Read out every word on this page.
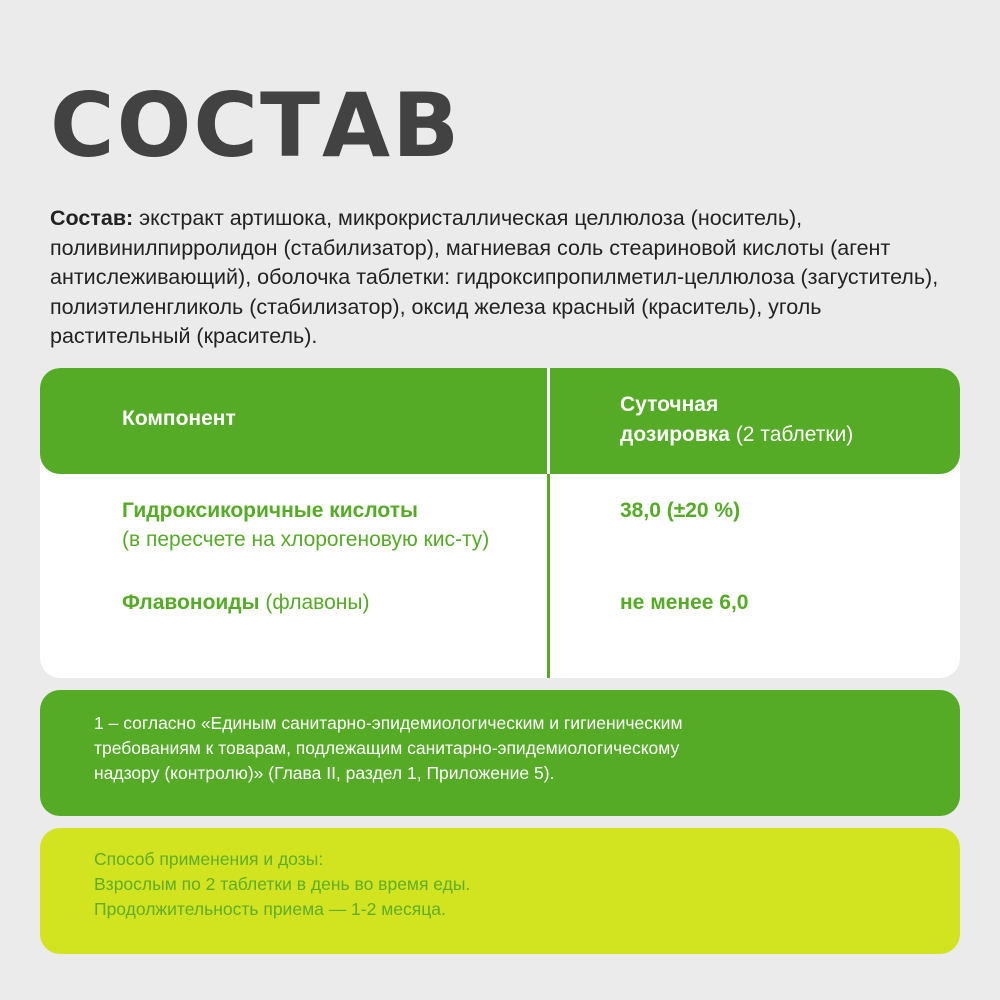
СОСТАВ

Состав: экстракт артишока, микрокристаллическая целлюлоза (носитель), поливинилпирролидон (стабилизатор), магниевая соль стеариновой кислоты (агент антислеживающий), оболочка таблетки: гидроксипропилметил-целлюлоза (загуститель), полиэтиленгликоль (стабилизатор), оксид железа красный (краситель), уголь растительный (краситель).

Компонент
Суточная
дозировка (2 таблетки)
Гидроксикоричные кислоты
(в пересчете на хлорогеновую кис-ту)
38,0 (±20 %)
Флавоноиды (флавоны)	не менее 6,0
1 – согласно «Единым санитарно-эпидемиологическим и гигиеническим
требованиям к товарам, подлежащим санитарно-эпидемиологическому
надзору (контролю)» (Глава II, раздел 1, Приложение 5).
Способ применения и дозы:
Взрослым по 2 таблетки в день во время еды.
Продолжительность приема — 1-2 месяца.
